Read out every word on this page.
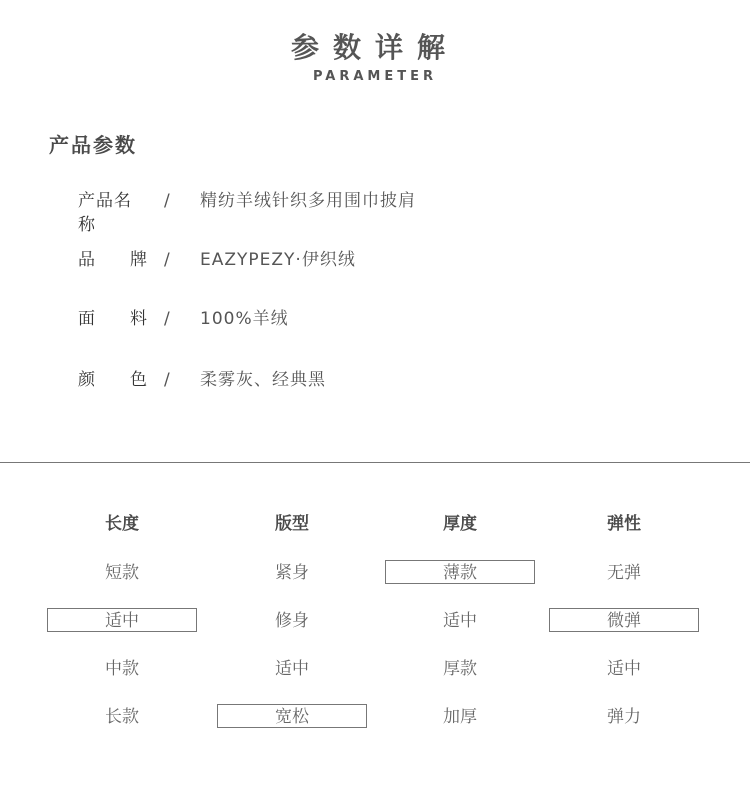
参数详解
PARAMETER
产品参数
产品名称
/ 精纺羊绒针织多用围巾披肩
品 牌 / EAZYPEZY·伊织绒
面 料 / 100%羊绒
颜 色 / 柔雾灰、经典黑
长度
短款
适中
中款
长款
版型
紧身
修身
适中
宽松
厚度
薄款
适中
厚款
加厚
弹性
无弹
微弹
适中
弹力
